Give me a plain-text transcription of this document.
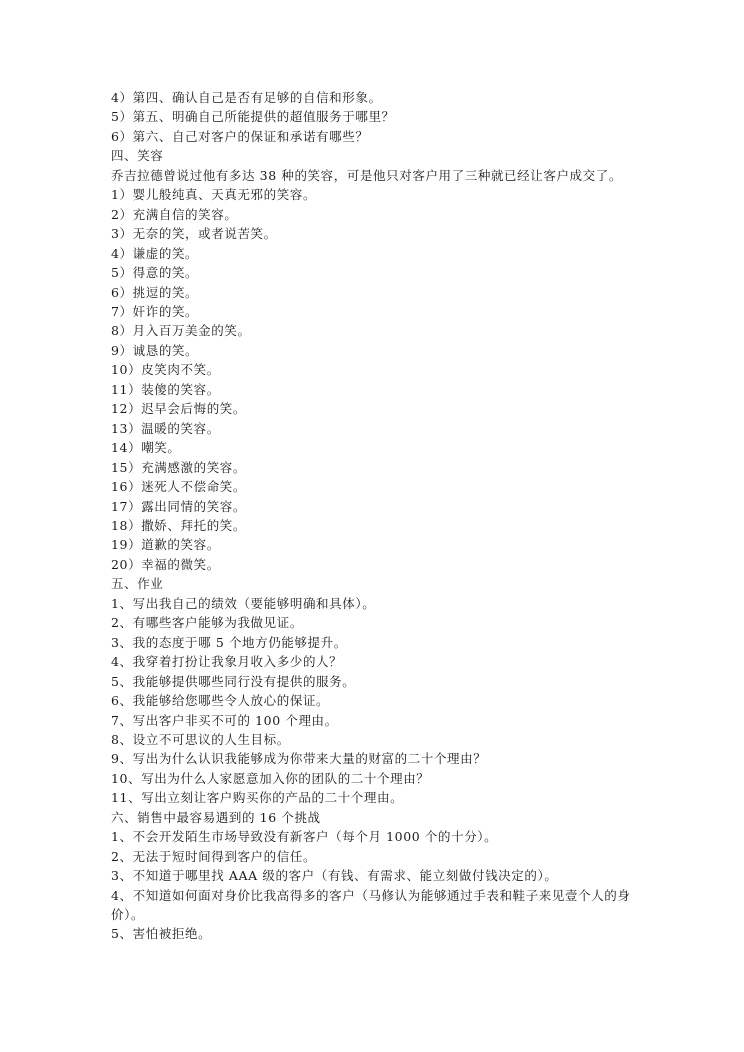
4）第四、确认自己是否有足够的自信和形象。
5）第五、明确自己所能提供的超值服务于哪里？
6）第六、自己对客户的保证和承诺有哪些？
四、笑容
乔吉拉德曾说过他有多达 38 种的笑容，可是他只对客户用了三种就已经让客户成交了。
1）婴儿般纯真、天真无邪的笑容。
2）充满自信的笑容。
3）无奈的笑，或者说苦笑。
4）谦虚的笑。
5）得意的笑。
6）挑逗的笑。
7）奸诈的笑。
8）月入百万美金的笑。
9）诚恳的笑。
10）皮笑肉不笑。
11）装傻的笑容。
12）迟早会后悔的笑。
13）温暖的笑容。
14）嘲笑。
15）充满感激的笑容。
16）迷死人不偿命笑。
17）露出同情的笑容。
18）撒娇、拜托的笑。
19）道歉的笑容。
20）幸福的微笑。
五、作业
1、写出我自己的绩效（要能够明确和具体）。
2、有哪些客户能够为我做见证。
3、我的态度于哪 5 个地方仍能够提升。
4、我穿着打扮让我象月收入多少的人？
5、我能够提供哪些同行没有提供的服务。
6、我能够给您哪些令人放心的保证。
7、写出客户非买不可的 100 个理由。
8、设立不可思议的人生目标。
9、写出为什么认识我能够成为你带来大量的财富的二十个理由？
10、写出为什么人家愿意加入你的团队的二十个理由？
11、写出立刻让客户购买你的产品的二十个理由。
六、销售中最容易遇到的 16 个挑战
1、不会开发陌生市场导致没有新客户（每个月 1000 个的十分）。
2、无法于短时间得到客户的信任。
3、不知道于哪里找 AAA 级的客户（有钱、有需求、能立刻做付钱决定的）。
4、不知道如何面对身价比我高得多的客户（马修认为能够通过手表和鞋子来见壹个人的身
价）。
5、害怕被拒绝。
